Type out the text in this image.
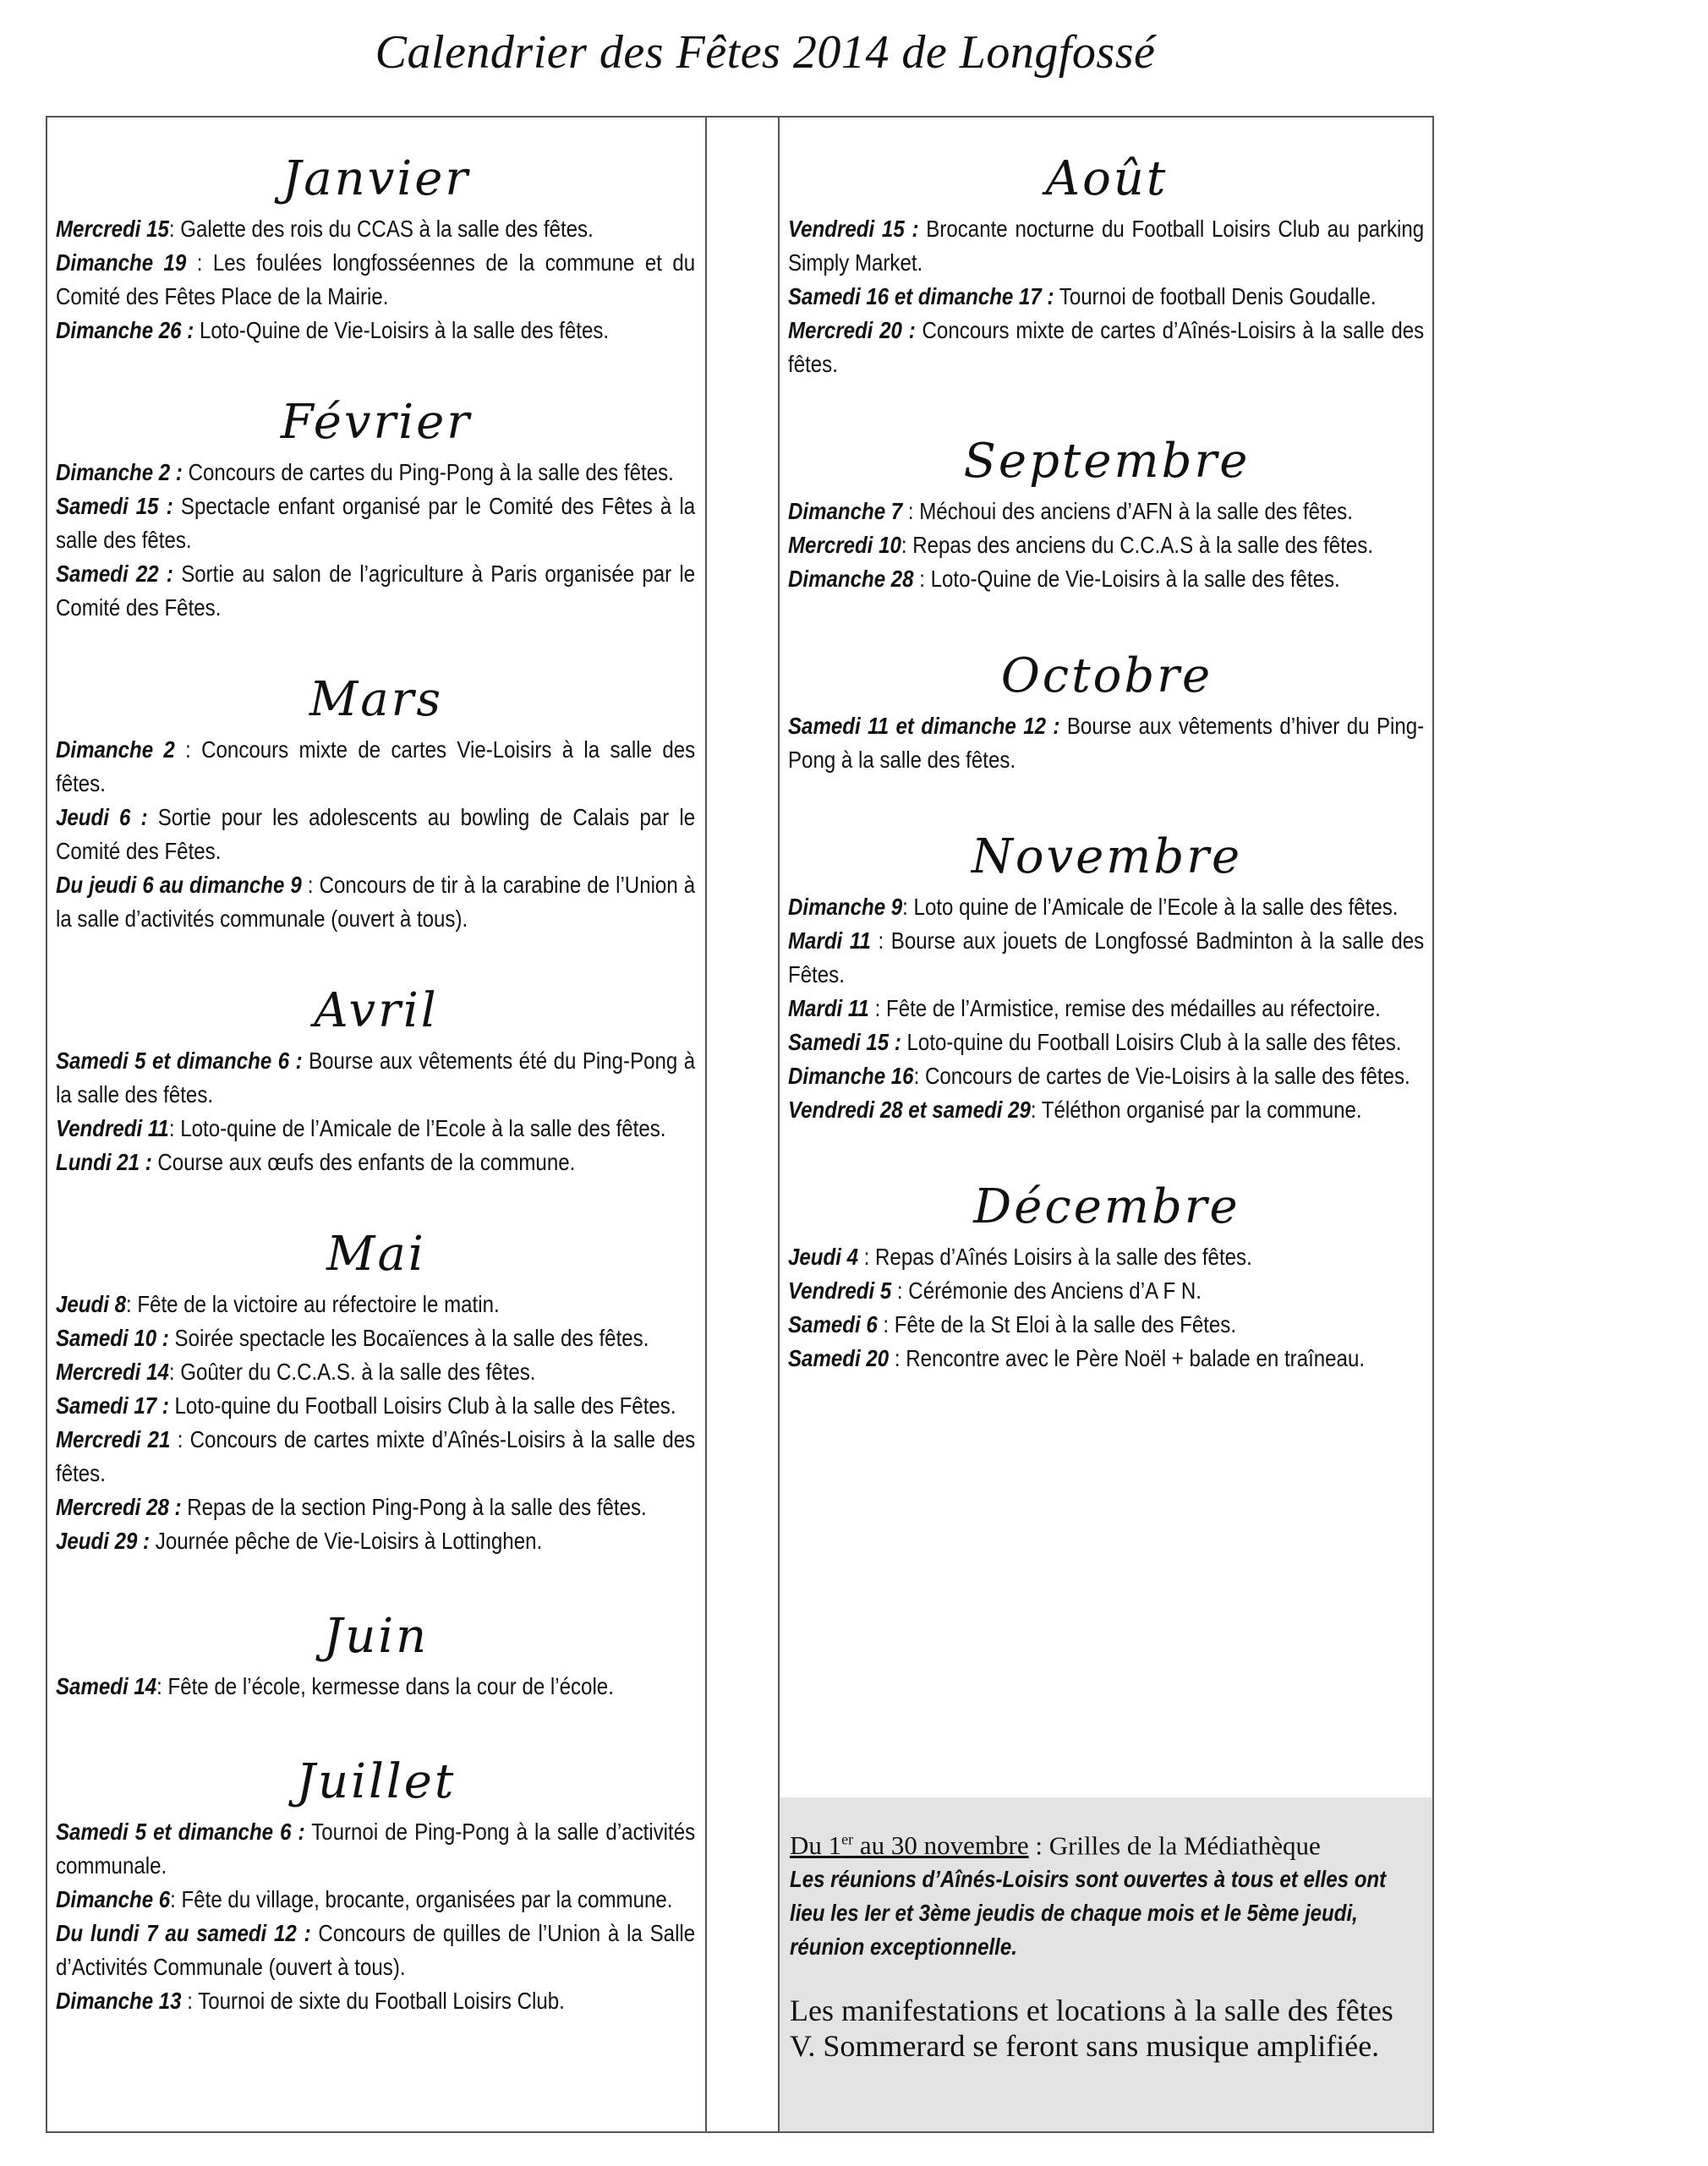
Calendrier des Fêtes 2014 de Longfossé
Janvier

Mercredi 15: Galette des rois du CCAS à la salle des fêtes.

Dimanche 19 : Les foulées longfosséennes de la commune et du Comité des Fêtes Place de la Mairie.

Dimanche 26 : Loto-Quine de Vie-Loisirs à la salle des fêtes.

Février

Dimanche 2 : Concours de cartes du Ping-Pong à la salle des fêtes.

Samedi 15 : Spectacle enfant organisé par le Comité des Fêtes à la salle des fêtes.

Samedi 22 : Sortie au salon de l’agriculture à Paris organisée par le Comité des Fêtes.

Mars

Dimanche 2 : Concours mixte de cartes Vie-Loisirs à la salle des fêtes.

Jeudi 6 : Sortie pour les adolescents au bowling de Calais par le Comité des Fêtes.

Du jeudi 6 au dimanche 9 : Concours de tir à la carabine de l’Union à la salle d’activités communale (ouvert à tous).

Avril

Samedi 5 et dimanche 6 : Bourse aux vêtements été du Ping-Pong à la salle des fêtes.

Vendredi 11: Loto-quine de l’Amicale de l’Ecole à la salle des fêtes.

Lundi 21 : Course aux œufs des enfants de la commune.

Mai

Jeudi 8: Fête de la victoire au réfectoire le matin.

Samedi 10 : Soirée spectacle les Bocaïences à la salle des fêtes.

Mercredi 14: Goûter du C.C.A.S. à la salle des fêtes.

Samedi 17 : Loto-quine du Football Loisirs Club à la salle des Fêtes.

Mercredi 21 : Concours de cartes mixte d’Aînés-Loisirs à la salle des fêtes.

Mercredi 28 : Repas de la section Ping-Pong à la salle des fêtes.

Jeudi 29 : Journée pêche de Vie-Loisirs à Lottinghen.

Juin

Samedi 14: Fête de l’école, kermesse dans la cour de l’école.

Juillet

Samedi 5 et dimanche 6 : Tournoi de Ping-Pong à la salle d’activités communale.

Dimanche 6: Fête du village, brocante, organisées par la commune.

Du lundi 7 au samedi 12 : Concours de quilles de l’Union à la Salle d’Activités Communale (ouvert à tous).

Dimanche 13 : Tournoi de sixte du Football Loisirs Club.

Août

Vendredi 15 : Brocante nocturne du Football Loisirs Club au parking Simply Market.

Samedi 16 et dimanche 17 : Tournoi de football Denis Goudalle.

Mercredi 20 : Concours mixte de cartes d’Aînés-Loisirs à la salle des fêtes.

Septembre

Dimanche 7 : Méchoui des anciens d’AFN à la salle des fêtes.

Mercredi 10: Repas des anciens du C.C.A.S à la salle des fêtes.

Dimanche 28 : Loto-Quine de Vie-Loisirs à la salle des fêtes.

Octobre

Samedi 11 et dimanche 12 : Bourse aux vêtements d’hiver du Ping-Pong à la salle des fêtes.

Novembre

Dimanche 9: Loto quine de l’Amicale de l’Ecole à la salle des fêtes.

Mardi 11 : Bourse aux jouets de Longfossé Badminton à la salle des Fêtes.

Mardi 11 : Fête de l’Armistice, remise des médailles au réfectoire.

Samedi 15 : Loto-quine du Football Loisirs Club à la salle des fêtes.

Dimanche 16: Concours de cartes de Vie-Loisirs à la salle des fêtes.

Vendredi 28 et samedi 29: Téléthon organisé par la commune.

Décembre

Jeudi 4 : Repas d’Aînés Loisirs à la salle des fêtes.

Vendredi 5 : Cérémonie des Anciens d’A F N.

Samedi 6 : Fête de la St Eloi à la salle des Fêtes.

Samedi 20 : Rencontre avec le Père Noël + balade en traîneau.

Du 1er au 30 novembre : Grilles de la Médiathèque

Les réunions d’Aînés-Loisirs sont ouvertes à tous et elles ont lieu les Ier et 3ème jeudis de chaque mois et le 5ème jeudi, réunion exceptionnelle.

Les manifestations et locations à la salle des fêtes V. Sommerard se feront sans musique amplifiée.
